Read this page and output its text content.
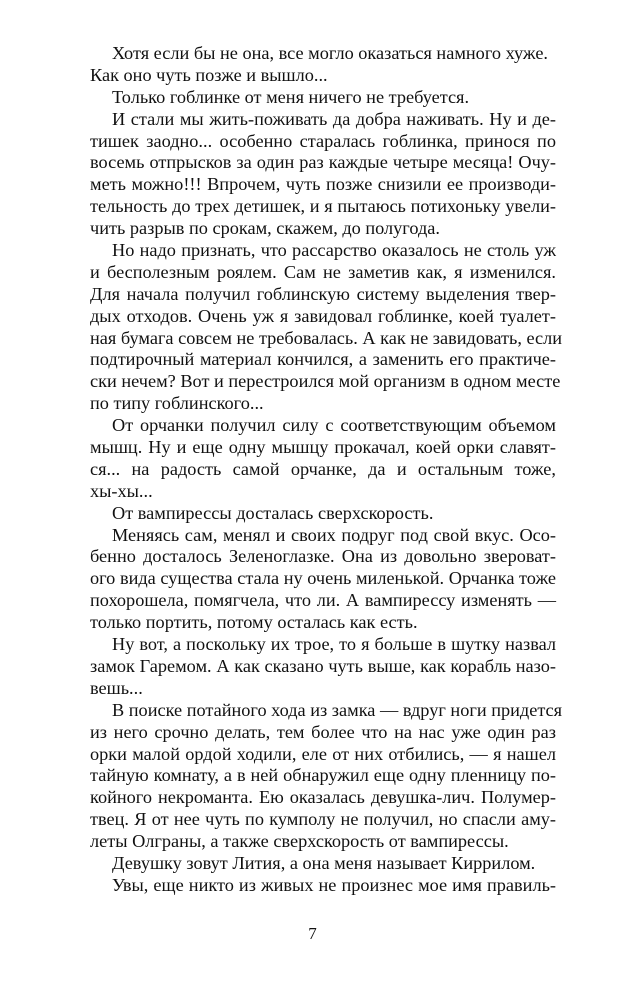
Хотя если бы не она, все могло оказаться намного хуже.
Как оно чуть позже и вышло...
Только гоблинке от меня ничего не требуется.
И стали мы жить-поживать да добра наживать. Ну и де-
тишек заодно... особенно старалась гоблинка, принося по
восемь отпрысков за один раз каждые четыре месяца! Очу-
меть можно!!! Впрочем, чуть позже снизили ее производи-
тельность до трех детишек, и я пытаюсь потихоньку увели-
чить разрыв по срокам, скажем, до полугода.
Но надо признать, что рассарство оказалось не столь уж
и бесполезным роялем. Сам не заметив как, я изменился.
Для начала получил гоблинскую систему выделения твер-
дых отходов. Очень уж я завидовал гоблинке, коей туалет-
ная бумага совсем не требовалась. А как не завидовать, если
подтирочный материал кончился, а заменить его практиче-
ски нечем? Вот и перестроился мой организм в одном месте
по типу гоблинского...
От орчанки получил силу с соответствующим объемом
мышц. Ну и еще одну мышцу прокачал, коей орки славят-
ся... на радость самой орчанке, да и остальным тоже,
хы-хы...
От вампирессы досталась сверхскорость.
Меняясь сам, менял и своих подруг под свой вкус. Осо-
бенно досталось Зеленоглазке. Она из довольно звероват-
ого вида существа стала ну очень миленькой. Орчанка тоже
похорошела, помягчела, что ли. А вампирессу изменять —
только портить, потому осталась как есть.
Ну вот, а поскольку их трое, то я больше в шутку назвал
замок Гаремом. А как сказано чуть выше, как корабль назо-
вешь...
В поиске потайного хода из замка — вдруг ноги придется
из него срочно делать, тем более что на нас уже один раз
орки малой ордой ходили, еле от них отбились, — я нашел
тайную комнату, а в ней обнаружил еще одну пленницу по-
койного некроманта. Ею оказалась девушка-лич. Полумер-
твец. Я от нее чуть по кумполу не получил, но спасли аму-
леты Олграны, а также сверхскорость от вампирессы.
Девушку зовут Лития, а она меня называет Киррилом.
Увы, еще никто из живых не произнес мое имя правиль-
7
